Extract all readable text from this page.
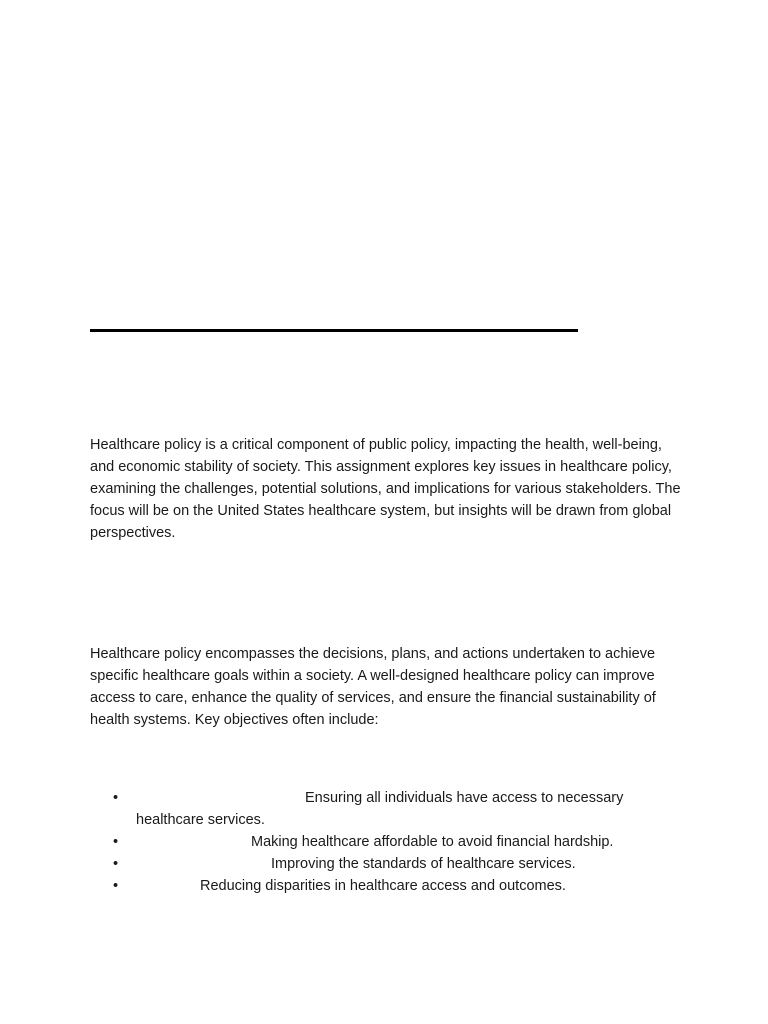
Healthcare policy is a critical component of public policy, impacting the health, well-being, and economic stability of society. This assignment explores key issues in healthcare policy, examining the challenges, potential solutions, and implications for various stakeholders. The focus will be on the United States healthcare system, but insights will be drawn from global perspectives.

Healthcare policy encompasses the decisions, plans, and actions undertaken to achieve specific healthcare goals within a society. A well-designed healthcare policy can improve access to care, enhance the quality of services, and ensure the financial sustainability of health systems. Key objectives often include:

•	Ensuring all individuals have access to necessary healthcare services.
•	Making healthcare affordable to avoid financial hardship.
•	Improving the standards of healthcare services.
•	Reducing disparities in healthcare access and outcomes.
